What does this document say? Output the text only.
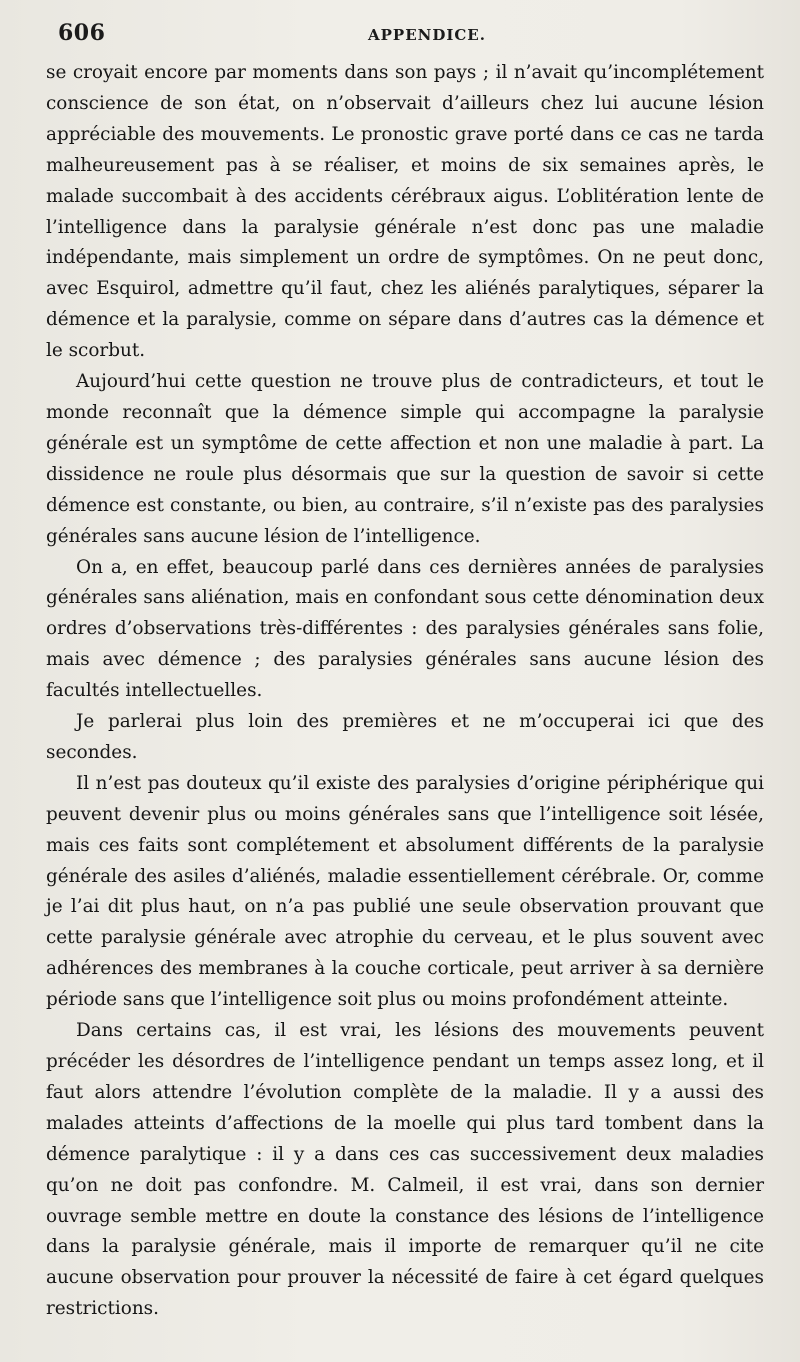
606	APPENDICE.

se croyait encore par moments dans son pays ; il n’avait qu’incomplétement conscience de son état, on n’observait d’ailleurs chez lui aucune lésion appréciable des mouvements. Le pronostic grave porté dans ce cas ne tarda malheureusement pas à se réaliser, et moins de six semaines après, le malade succombait à des accidents cérébraux aigus. L’oblitération lente de l’intelligence dans la paralysie générale n’est donc pas une maladie indépendante, mais simplement un ordre de symptômes. On ne peut donc, avec Esquirol, admettre qu’il faut, chez les aliénés paralytiques, séparer la démence et la paralysie, comme on sépare dans d’autres cas la démence et le scorbut.

Aujourd’hui cette question ne trouve plus de contradicteurs, et tout le monde reconnaît que la démence simple qui accompagne la paralysie générale est un symptôme de cette affection et non une maladie à part. La dissidence ne roule plus désormais que sur la question de savoir si cette démence est constante, ou bien, au contraire, s’il n’existe pas des paralysies générales sans aucune lésion de l’intelligence.

On a, en effet, beaucoup parlé dans ces dernières années de paralysies générales sans aliénation, mais en confondant sous cette dénomination deux ordres d’observations très-différentes : des paralysies générales sans folie, mais avec démence ; des paralysies générales sans aucune lésion des facultés intellectuelles.

Je parlerai plus loin des premières et ne m’occuperai ici que des secondes.

Il n’est pas douteux qu’il existe des paralysies d’origine périphérique qui peuvent devenir plus ou moins générales sans que l’intelligence soit lésée, mais ces faits sont complétement et absolument différents de la paralysie générale des asiles d’aliénés, maladie essentiellement cérébrale. Or, comme je l’ai dit plus haut, on n’a pas publié une seule observation prouvant que cette paralysie générale avec atrophie du cerveau, et le plus souvent avec adhérences des membranes à la couche corticale, peut arriver à sa dernière période sans que l’intelligence soit plus ou moins profondément atteinte.

Dans certains cas, il est vrai, les lésions des mouvements peuvent précéder les désordres de l’intelligence pendant un temps assez long, et il faut alors attendre l’évolution complète de la maladie. Il y a aussi des malades atteints d’affections de la moelle qui plus tard tombent dans la démence paralytique : il y a dans ces cas successivement deux maladies qu’on ne doit pas confondre. M. Calmeil, il est vrai, dans son dernier ouvrage semble mettre en doute la constance des lésions de l’intelligence dans la paralysie générale, mais il importe de remarquer qu’il ne cite aucune observation pour prouver la nécessité de faire à cet égard quelques restrictions.
